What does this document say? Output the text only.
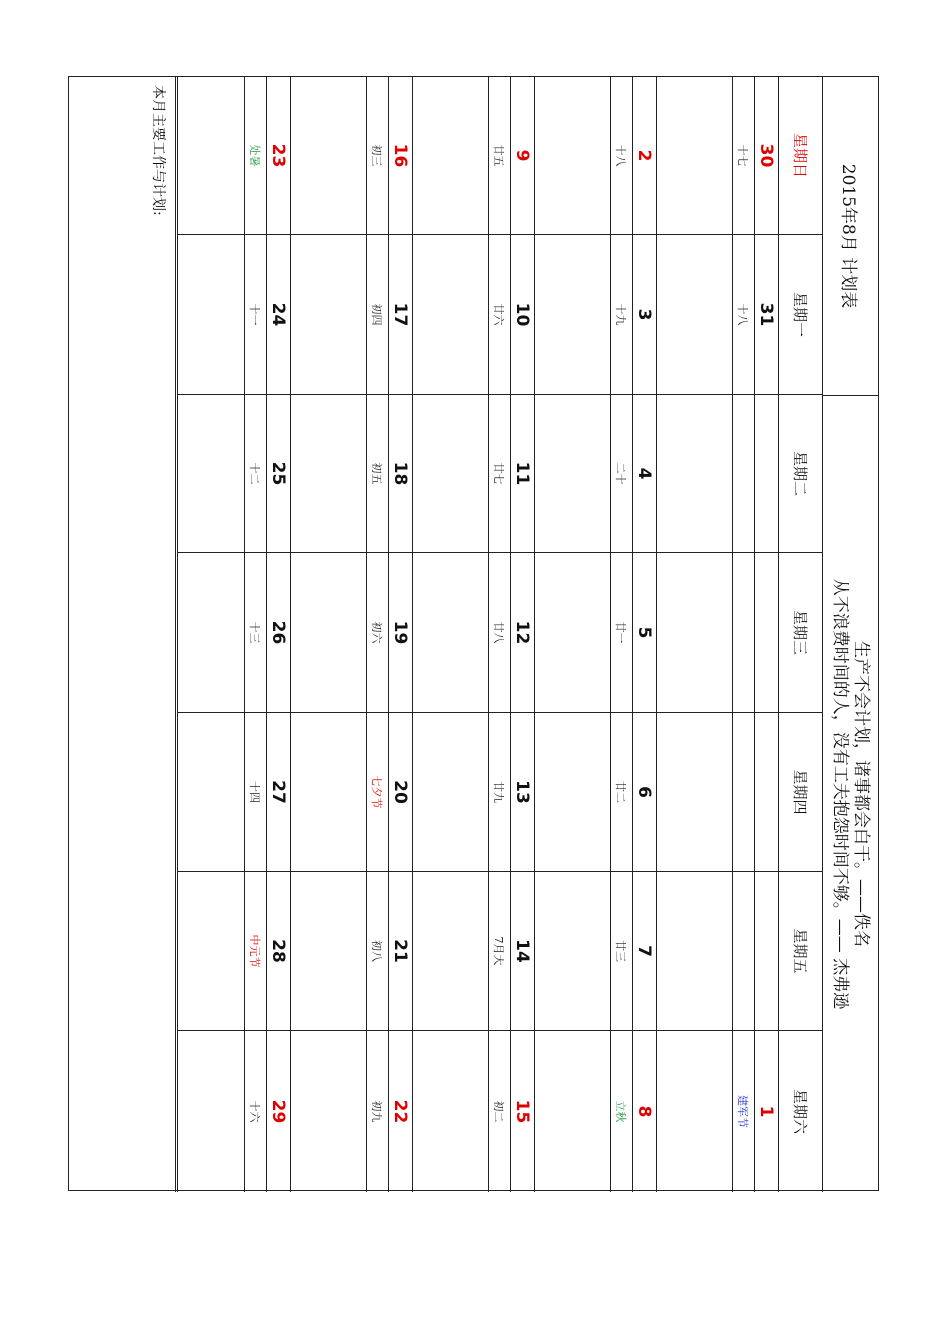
2015年8月 计划表
生产不会计划，诸事都会白干。——佚名
从不浪费时间的人，没有工夫抱怨时间不够。—— 杰弗逊
星期日
星期一
星期二
星期三
星期四
星期五
星期六
30
十七
31
十八
1
建军节
2
十八
3
十九
4
二十
5
廿一
6
廿二
7
廿三
8
立秋
9
廿五
10
廿六
11
廿七
12
廿八
13
廿九
14
7月大
15
初二
16
初三
17
初四
18
初五
19
初六
20
七夕节
21
初八
22
初九
23
处暑
24
十一
25
十二
26
十三
27
十四
28
中元节
29
十六
本月主要工作与计划:
